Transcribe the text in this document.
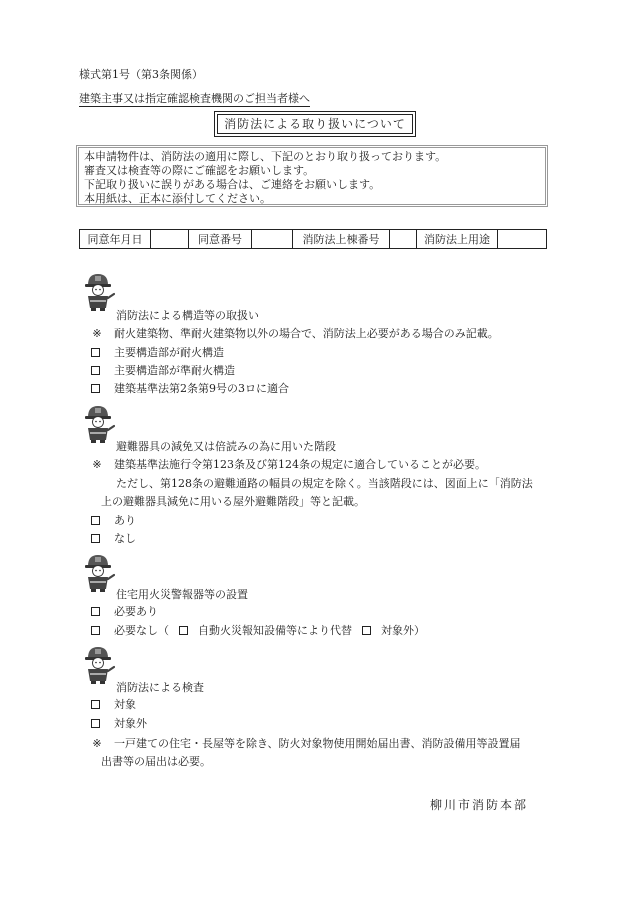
様式第1号（第3条関係）
建築主事又は指定確認検査機関のご担当者様へ
消防法による取り扱いについて
本申請物件は、消防法の適用に際し、下記のとおり取り扱っております。
審査又は検査等の際にご確認をお願いします。
下記取り扱いに誤りがある場合は、ご連絡をお願いします。
本用紙は、正本に添付してください。
同意年月日		同意番号		消防法上棟番号		消防法上用途	
消防法による構造等の取扱い
※ 耐火建築物、準耐火建築物以外の場合で、消防法上必要がある場合のみ記載。
主要構造部が耐火構造
主要構造部が準耐火構造
建築基準法第2条第9号の3ロに適合
避難器具の減免又は倍読みの為に用いた階段
※ 建築基準法施行令第123条及び第124条の規定に適合していることが必要。
ただし、第128条の避難通路の幅員の規定を除く。当該階段には、図面上に「消防法
上の避難器具減免に用いる屋外避難階段」等と記載。
あり
なし
住宅用火災警報器等の設置
必要あり
必要なし（	自動火災報知設備等により代替	対象外）
消防法による検査
対象
対象外
※ 一戸建ての住宅・長屋等を除き、防火対象物使用開始届出書、消防設備用等設置届
出書等の届出は必要。
柳川市消防本部
